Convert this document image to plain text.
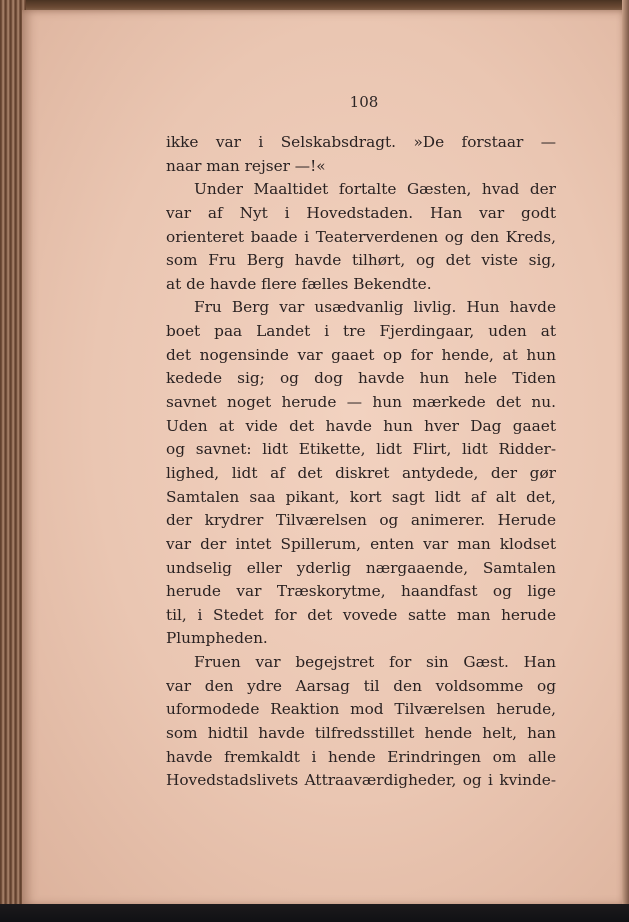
108

ikke var i Selskabsdragt. »De forstaar —
naar man rejser —!«
Under Maaltidet fortalte Gæsten, hvad der
var af Nyt i Hovedstaden. Han var godt
orienteret baade i Teaterverdenen og den Kreds,
som Fru Berg havde tilhørt, og det viste sig,
at de havde flere fælles Bekendte.
Fru Berg var usædvanlig livlig. Hun havde
boet paa Landet i tre Fjerdingaar, uden at
det nogensinde var gaaet op for hende, at hun
kedede sig; og dog havde hun hele Tiden
savnet noget herude — hun mærkede det nu.
Uden at vide det havde hun hver Dag gaaet
og savnet: lidt Etikette, lidt Flirt, lidt Ridder-
lighed, lidt af det diskret antydede, der gør
Samtalen saa pikant, kort sagt lidt af alt det,
der krydrer Tilværelsen og animerer. Herude
var der intet Spillerum, enten var man klodset
undselig eller yderlig nærgaaende, Samtalen
herude var Træskorytme, haandfast og lige
til, i Stedet for det vovede satte man herude
Plumpheden.
Fruen var begejstret for sin Gæst. Han
var den ydre Aarsag til den voldsomme og
uformodede Reaktion mod Tilværelsen herude,
som hidtil havde tilfredsstillet hende helt, han
havde fremkaldt i hende Erindringen om alle
Hovedstadslivets Attraaværdigheder, og i kvinde-
